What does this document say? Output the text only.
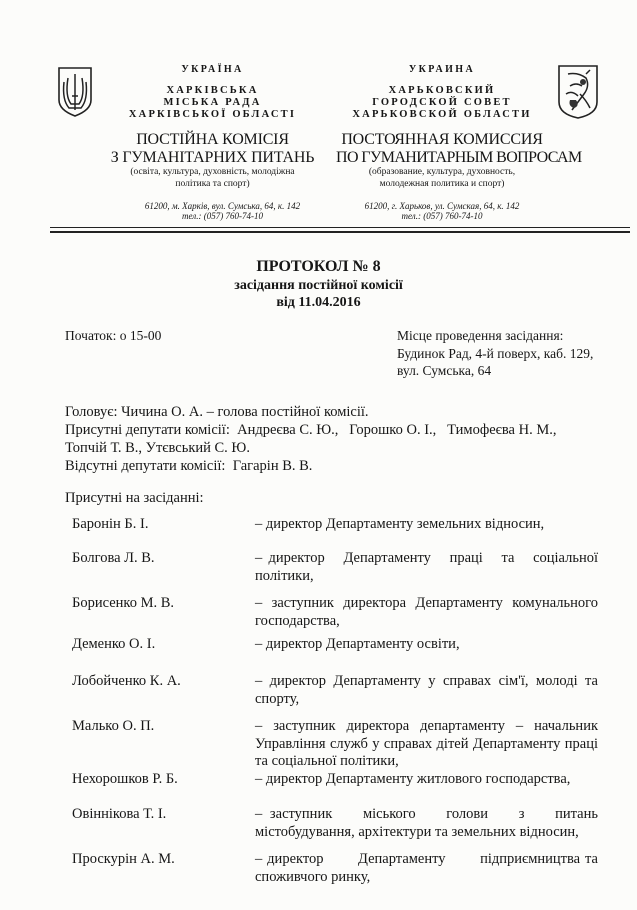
УКРАЇНА
ХАРКІВСЬКА
МІСЬКА РАДА
ХАРКІВСЬКОЇ ОБЛАСТІ
ПОСТІЙНА КОМІСІЯ
З ГУМАНІТАРНИХ ПИТАНЬ
(освіта, культура, духовність, молодіжна
політика та спорт)
61200, м. Харків, вул. Сумська, 64, к. 142
тел.: (057) 760-74-10
УКРАИНА
ХАРЬКОВСКИЙ
ГОРОДСКОЙ СОВЕТ
ХАРЬКОВСКОЙ ОБЛАСТИ
ПОСТОЯННАЯ КОМИССИЯ
ПО ГУМАНИТАРНЫМ ВОПРОСАМ
(образование, культура, духовность,
молодежная политика и спорт)
61200, г. Харьков, ул. Сумская, 64, к. 142
тел.: (057) 760-74-10
ПРОТОКОЛ № 8
засідання постійної комісії
від 11.04.2016
Початок: о 15-00	Місце проведення засідання:
Будинок Рад, 4-й поверх, каб. 129,
вул. Сумська, 64
Головує: Чичина О. А. – голова постійної комісії.
Присутні депутати комісії:  Андреєва С. Ю.,   Горошко О. І.,   Тимофеєва Н. М.,
Топчій Т. В., Утєвський С. Ю.
Відсутні депутати комісії:  Гагарін В. В.
Присутні на засіданні:
Баронін Б. І.	– директор Департаменту земельних відносин,
Болгова Л. В.	– директор   Департаменту   праці   та   соціальної політики,
Борисенко М. В.	– заступник директора Департаменту комунального господарства,
Деменко О. І.	– директор Департаменту освіти,
Лобойченко К. А.	– директор Департаменту у справах сім'ї, молоді та спорту,
Малько О. П.	– заступник директора департаменту – начальник Управління служб у справах дітей Департаменту праці та соціальної політики,
Нехорошков Р. Б.	– директор Департаменту житлового господарства,
Овіннікова Т. І.	– заступник    міського    голови    з    питань містобудування, архітектури та земельних відносин,
Проскурін А. М.	– директор       Департаменту       підприємництва та споживчого ринку,
